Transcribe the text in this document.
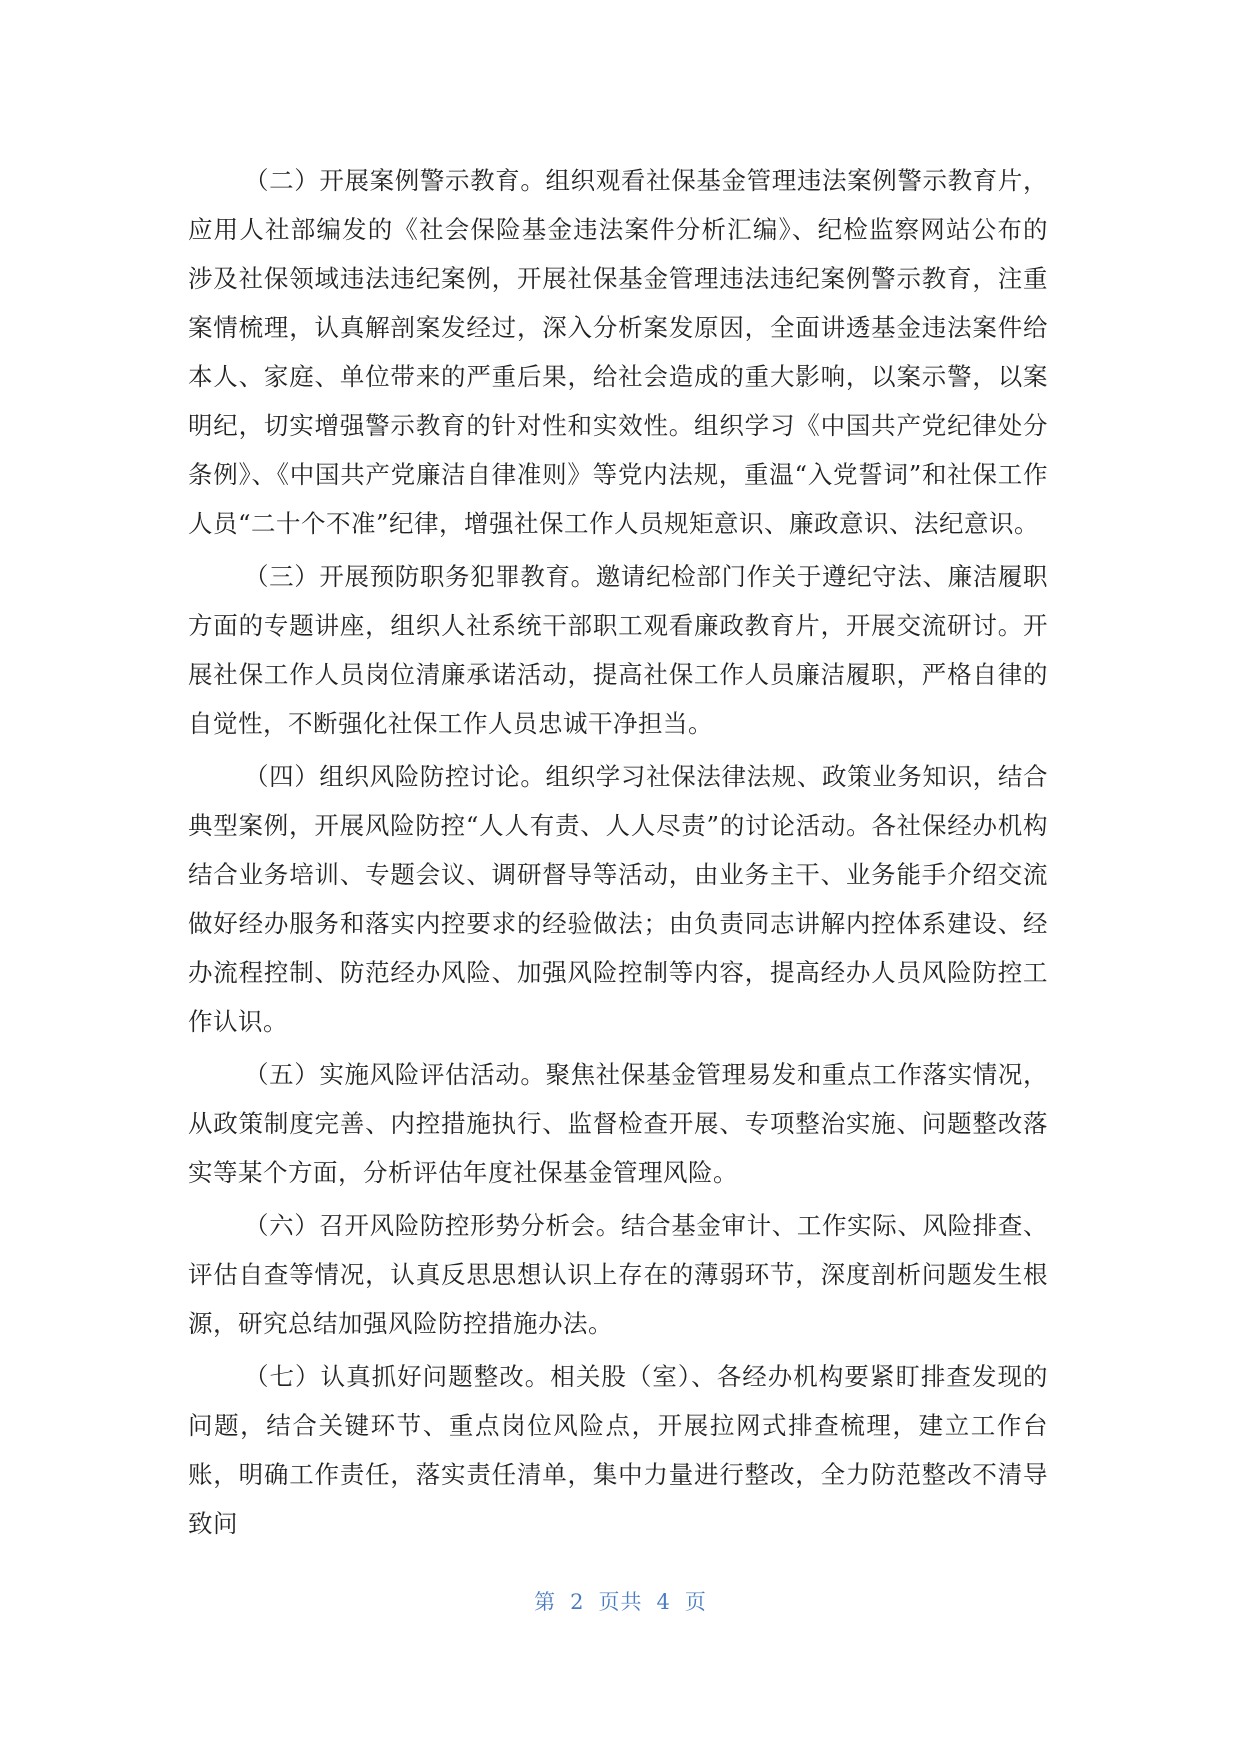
（二）开展案例警示教育。组织观看社保基金管理违法案例警示教育片，应用人社部编发的《社会保险基金违法案件分析汇编》、纪检监察网站公布的涉及社保领域违法违纪案例，开展社保基金管理违法违纪案例警示教育，注重案情梳理，认真解剖案发经过，深入分析案发原因，全面讲透基金违法案件给本人、家庭、单位带来的严重后果，给社会造成的重大影响，以案示警，以案明纪，切实增强警示教育的针对性和实效性。组织学习《中国共产党纪律处分条例》、《中国共产党廉洁自律准则》等党内法规，重温“入党誓词”和社保工作人员“二十个不准”纪律，增强社保工作人员规矩意识、廉政意识、法纪意识。

（三）开展预防职务犯罪教育。邀请纪检部门作关于遵纪守法、廉洁履职方面的专题讲座，组织人社系统干部职工观看廉政教育片，开展交流研讨。开展社保工作人员岗位清廉承诺活动，提高社保工作人员廉洁履职，严格自律的自觉性，不断强化社保工作人员忠诚干净担当。

（四）组织风险防控讨论。组织学习社保法律法规、政策业务知识，结合典型案例，开展风险防控“人人有责、人人尽责”的讨论活动。各社保经办机构结合业务培训、专题会议、调研督导等活动，由业务主干、业务能手介绍交流做好经办服务和落实内控要求的经验做法；由负责同志讲解内控体系建设、经办流程控制、防范经办风险、加强风险控制等内容，提高经办人员风险防控工作认识。

（五）实施风险评估活动。聚焦社保基金管理易发和重点工作落实情况，从政策制度完善、内控措施执行、监督检查开展、专项整治实施、问题整改落实等某个方面，分析评估年度社保基金管理风险。

（六）召开风险防控形势分析会。结合基金审计、工作实际、风险排查、评估自查等情况，认真反思思想认识上存在的薄弱环节，深度剖析问题发生根源，研究总结加强风险防控措施办法。

（七）认真抓好问题整改。相关股（室）、各经办机构要紧盯排查发现的问题，结合关键环节、重点岗位风险点，开展拉网式排查梳理，建立工作台账，明确工作责任，落实责任清单，集中力量进行整改，全力防范整改不清导致问

第 2 页共 4 页
